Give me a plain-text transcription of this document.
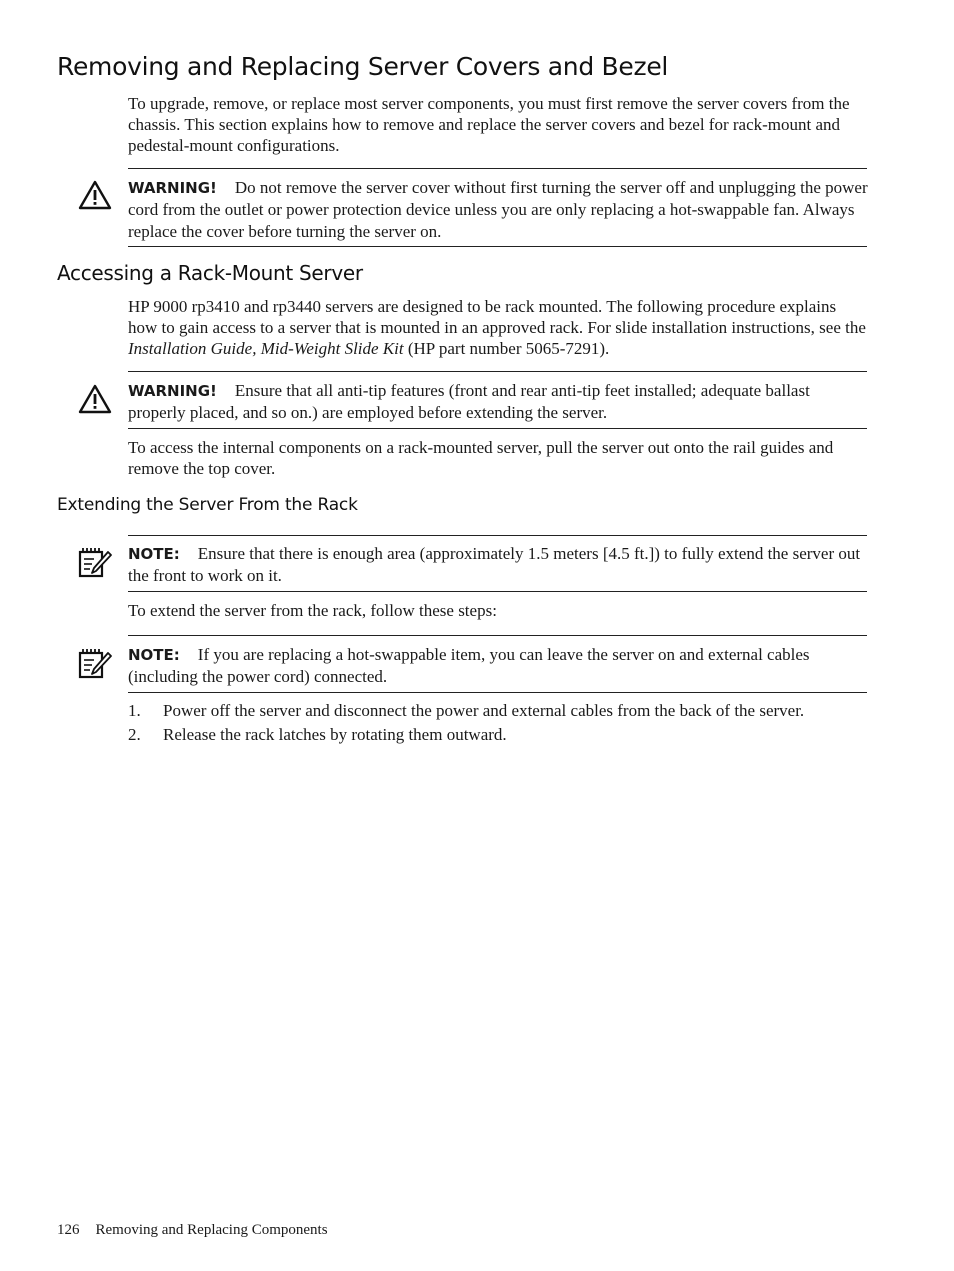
Removing and Replacing Server Covers and Bezel

To upgrade, remove, or replace most server components, you must first remove the server covers from the chassis. This section explains how to remove and replace the server covers and bezel for rack-mount and pedestal-mount configurations.

WARNING! Do not remove the server cover without first turning the server off and unplugging the power cord from the outlet or power protection device unless you are only replacing a hot-swappable fan. Always replace the cover before turning the server on.

Accessing a Rack-Mount Server

HP 9000 rp3410 and rp3440 servers are designed to be rack mounted. The following procedure explains how to gain access to a server that is mounted in an approved rack. For slide installation instructions, see the Installation Guide, Mid-Weight Slide Kit (HP part number 5065-7291).

WARNING! Ensure that all anti-tip features (front and rear anti-tip feet installed; adequate ballast properly placed, and so on.) are employed before extending the server.

To access the internal components on a rack-mounted server, pull the server out onto the rail guides and remove the top cover.

Extending the Server From the Rack

NOTE: Ensure that there is enough area (approximately 1.5 meters [4.5 ft.]) to fully extend the server out the front to work on it.

To extend the server from the rack, follow these steps:

NOTE: If you are replacing a hot-swappable item, you can leave the server on and external cables (including the power cord) connected.

1. Power off the server and disconnect the power and external cables from the back of the server.
2. Release the rack latches by rotating them outward.

126 Removing and Replacing Components
